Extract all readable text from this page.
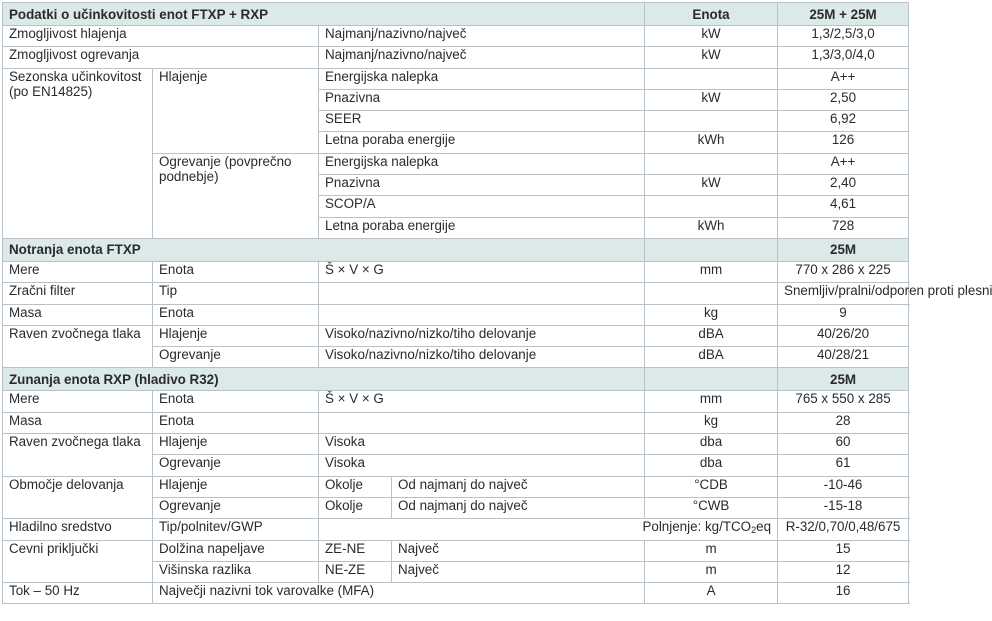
Podatki o učinkovitosti enot FTXP + RXP				Enota	25M + 25M	
Zmogljivost hlajenja		Najmanj/nazivno/največ		kW	1,3/2,5/3,0	
Zmogljivost ogrevanja		Najmanj/nazivno/največ		kW	1,3/3,0/4,0	
Sezonska učinkovitost (po EN14825)	Hlajenje	Energijska nalepka			A++	
		Pnazivna		kW	2,50	
		SEER			6,92	
		Letna poraba energije		kWh	126	
	Ogrevanje (povprečno podnebje)	Energijska nalepka			A++	
		Pnazivna		kW	2,40	
		SCOP/A			4,61	
		Letna poraba energije		kWh	728	
Notranja enota FTXP					25M	
Mere	Enota	Š × V × G		mm	770 x 286 x 225	
Zračni filter	Tip				Snemljiv/pralni/odporen proti plesni	
Masa	Enota			kg	9	
Raven zvočnega tlaka	Hlajenje	Visoko/nazivno/nizko/tiho delovanje		dBA	40/26/20	
	Ogrevanje	Visoko/nazivno/nizko/tiho delovanje		dBA	40/28/21	
Zunanja enota RXP (hladivo R32)					25M	
Mere	Enota	Š × V × G		mm	765 x 550 x 285	
Masa	Enota			kg	28	
Raven zvočnega tlaka	Hlajenje	Visoka		dba	60	
	Ogrevanje	Visoka		dba	61	
Območje delovanja	Hlajenje	Okolje	Od najmanj do največ	°CDB	-10-46	
	Ogrevanje	Okolje	Od najmanj do največ	°CWB	-15-18	
Hladilno sredstvo	Tip/polnitev/GWP	Polnjenje: $kg/TCO_2eq$			R-32/0,70/0,48/675	
Cevni priključki	Dolžina napeljave	ZE-NE	Največ	m	15	
	Višinska razlika	NE-ZE	Največ	m	12	
Tok – 50 Hz	Največji nazivni tok varovalke (MFA)			A	16	
